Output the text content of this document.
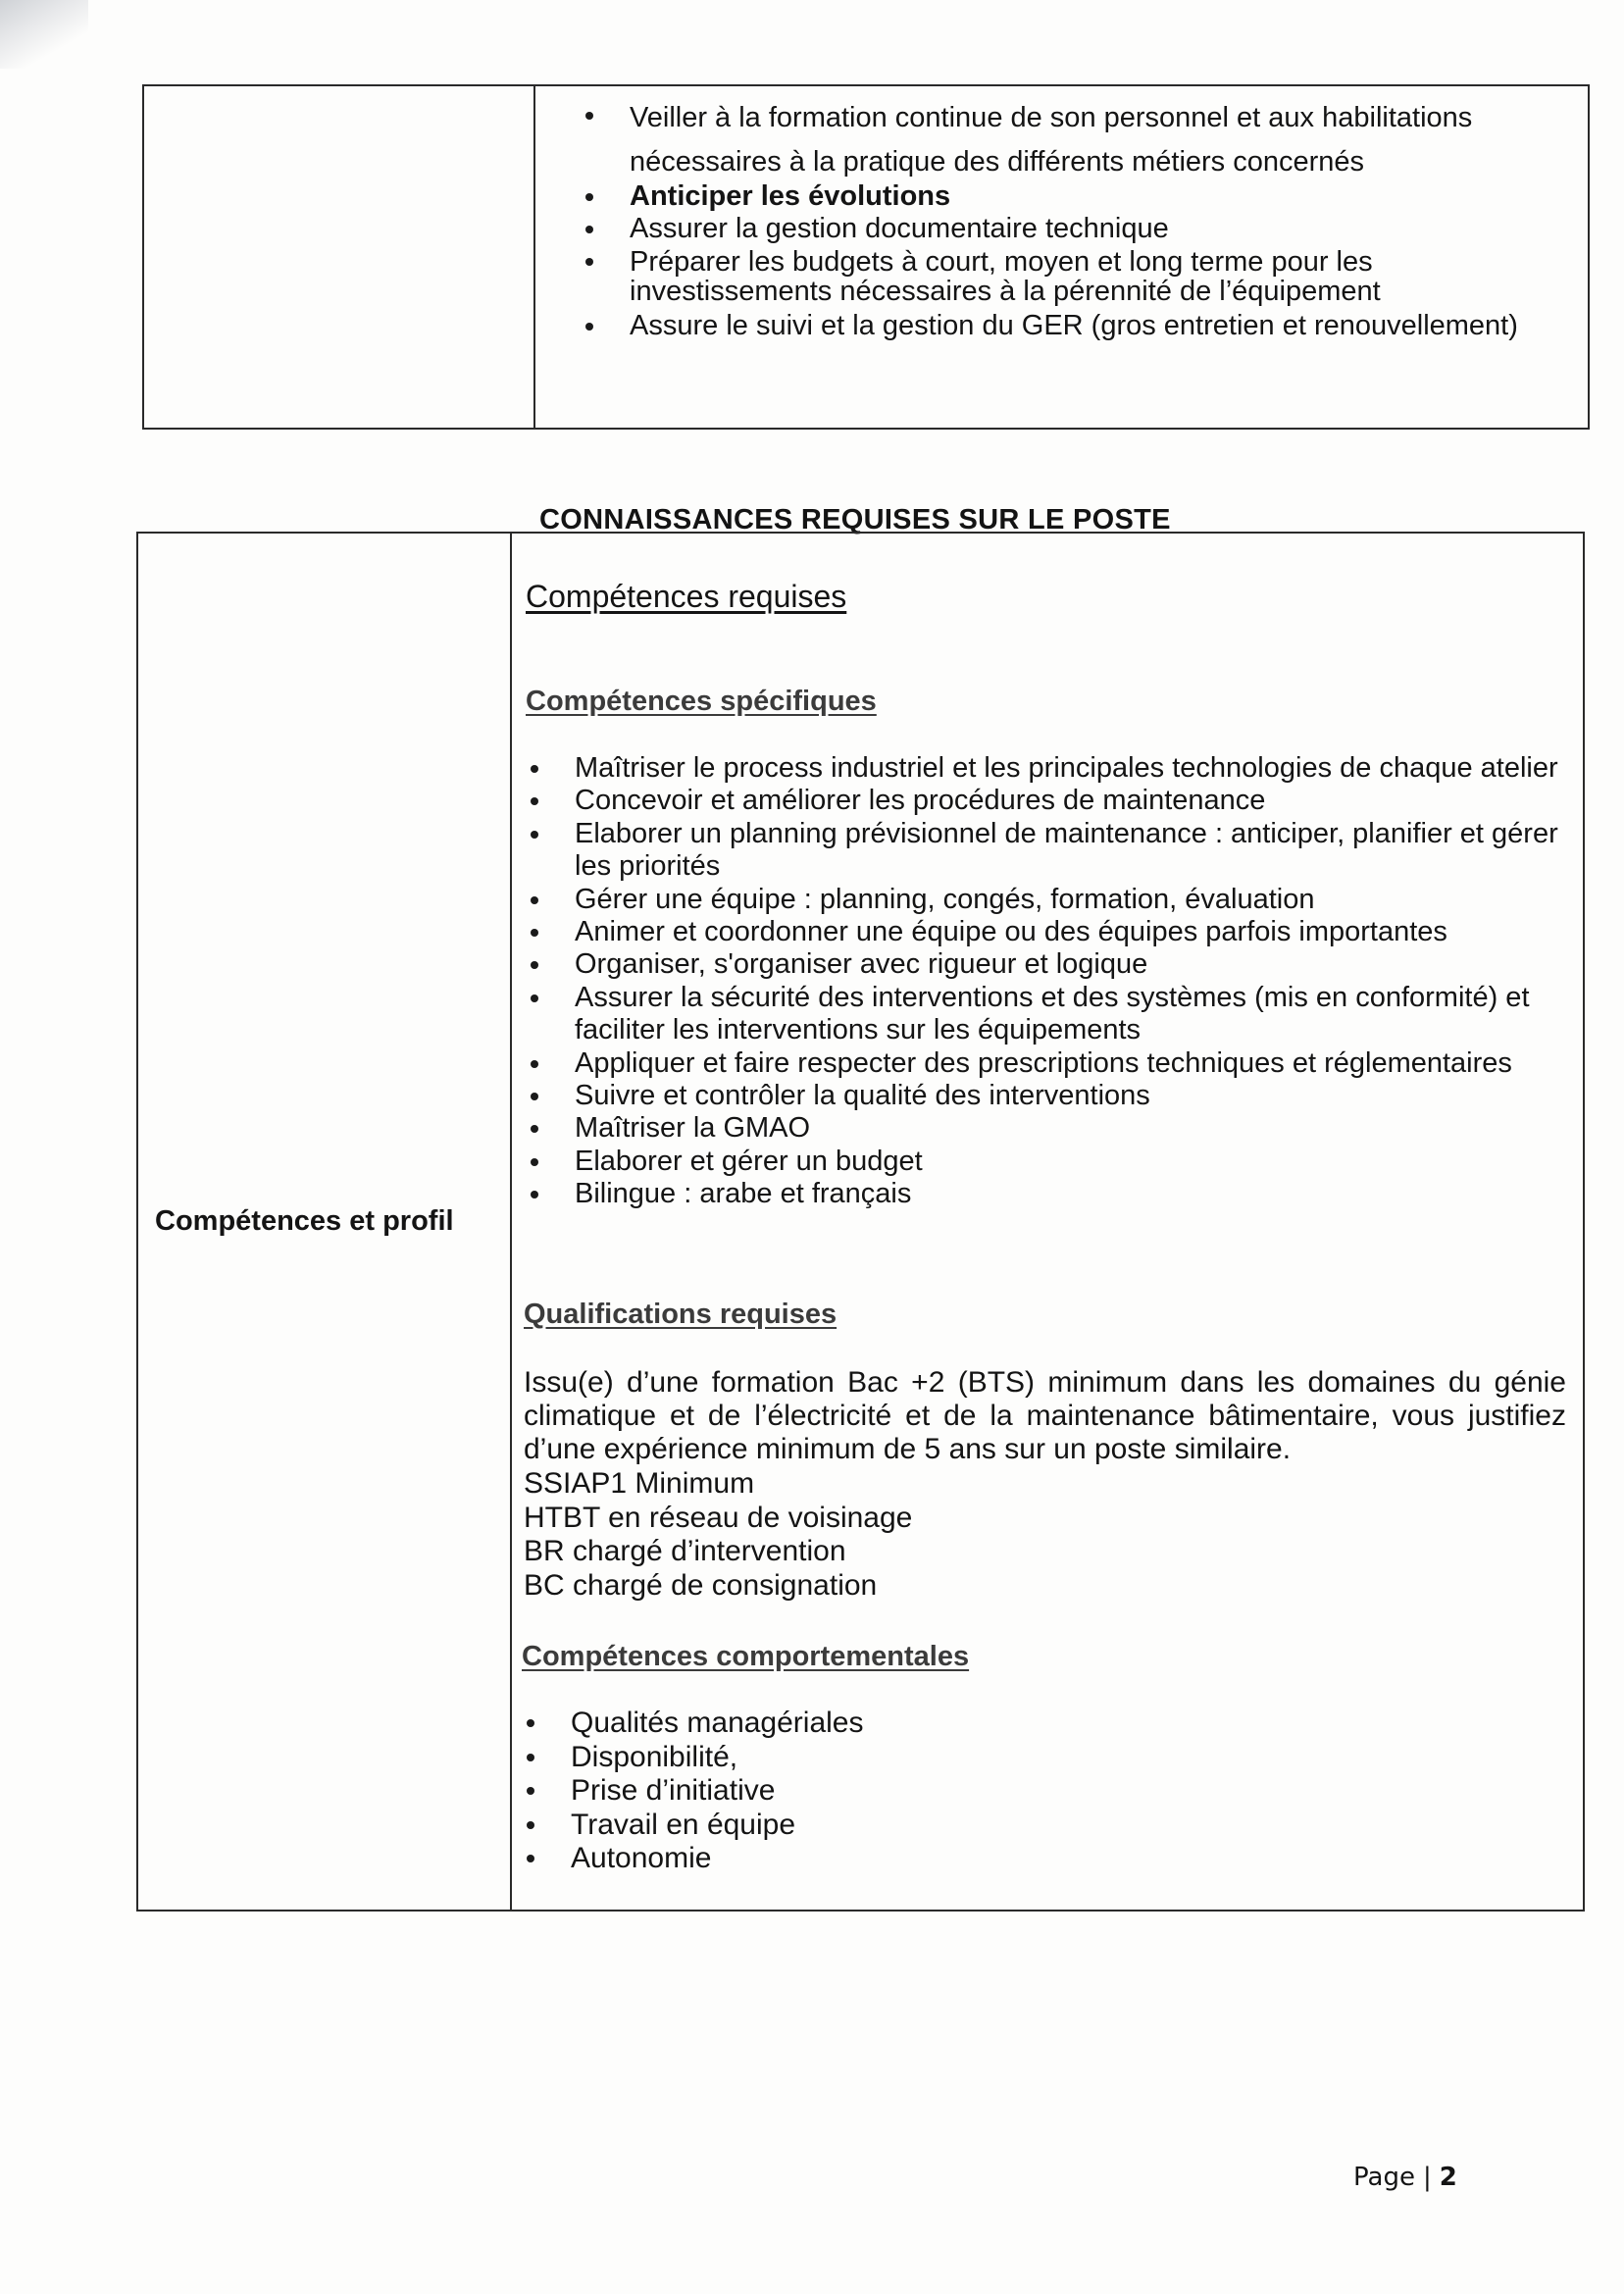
Veiller à la formation continue de son personnel et aux habilitations nécessaires à la pratique des différents métiers concernés
Anticiper les évolutions
Assurer la gestion documentaire technique
Préparer les budgets à court, moyen et long terme pour les investissements nécessaires à la pérennité de l’équipement
Assure le suivi et la gestion du GER (gros entretien et renouvellement)
CONNAISSANCES REQUISES SUR LE POSTE
Compétences et profil
Compétences requises
Compétences spécifiques
Maîtriser le process industriel et les principales technologies de chaque atelier
Concevoir et améliorer les procédures de maintenance
Elaborer un planning prévisionnel de maintenance : anticiper, planifier et gérer les priorités
Gérer une équipe : planning, congés, formation, évaluation
Animer et coordonner une équipe ou des équipes parfois importantes
Organiser, s'organiser avec rigueur et logique
Assurer la sécurité des interventions et des systèmes (mis en conformité) et faciliter les interventions sur les équipements
Appliquer et faire respecter des prescriptions techniques et réglementaires
Suivre et contrôler la qualité des interventions
Maîtriser la GMAO
Elaborer et gérer un budget
Bilingue : arabe et français
Qualifications requises

Issu(e) d’une formation Bac +2 (BTS) minimum dans les domaines du génie climatique et de l’électricité et de la maintenance bâtimentaire, vous justifiez d’une expérience minimum de 5 ans sur un poste similaire.

SSIAP1 Minimum
HTBT en réseau de voisinage
BR chargé d’intervention
BC chargé de consignation
Compétences comportementales
Qualités managériales
Disponibilité,
Prise d’initiative
Travail en équipe
Autonomie
Page | 2
